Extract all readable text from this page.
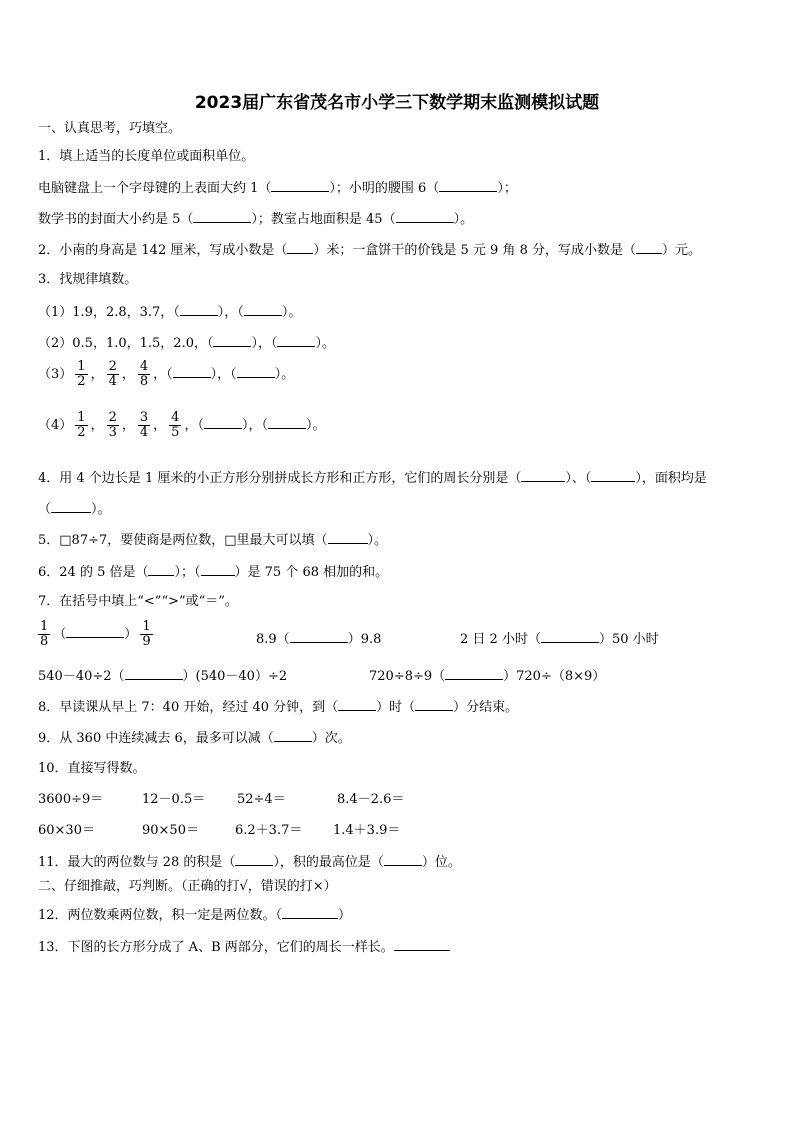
2023届广东省茂名市小学三下数学期末监测模拟试题
一、认真思考，巧填空。
1．填上适当的长度单位或面积单位。
电脑键盘上一个字母键的上表面大约 1（	）；小明的腰围 6（	）；
数学书的封面大小约是 5（	）；教室占地面积是 45（	）。
2．小南的身高是 142 厘米，写成小数是（ ）米；一盒饼干的价钱是 5 元 9 角 8 分，写成小数是（ ）元。
3．找规律填数。
（1）1.9，2.8，3.7，（	），（	）。
（2）0.5，1.0，1.5，2.0，（	），（	）。
$(3) \frac{1}{2}$ ， $\frac{2}{4}$ ， $\frac{4}{8}$ ，（	），（	）。
$(4) \frac{1}{2}$ ， $\frac{2}{3}$ ， $\frac{3}{4}$ ， $\frac{4}{5}$ ，（	），（	）。
4．用 4 个边长是 1 厘米的小正方形分别拼成长方形和正方形，它们的周长分别是（	）、（	），面积均是
（	）。
5．□87÷7，要使商是两位数，□里最大可以填（	）。
6．24 的 5 倍是（ ）；（	）是 75 个 68 相加的和。
7．在括号中填上“<”“>”或“＝”。
$\frac{1}{8}$ （	） $\frac{1}{9}$	8.9（	）9.8	2 日 2 小时（	）50 小时
540－40÷2（	）(540－40）÷2	720÷8÷9（	）720÷（8×9）
8．早读课从早上 7：40 开始，经过 40 分钟，到（	）时（	）分结束。
9．从 360 中连续减去 6，最多可以减（	）次。
10．直接写得数。
3600÷9＝	12－0.5＝ 52÷4＝	8.4－2.6＝
60×30＝	90×50＝	6.2＋3.7＝ 1.4＋3.9＝
11．最大的两位数与 28 的积是（	），积的最高位是（	）位。
二、仔细推敲，巧判断。（正确的打√，错误的打×）
12．两位数乘两位数，积一定是两位数。（	）
13．下图的长方形分成了 A、B 两部分，它们的周长一样长。
